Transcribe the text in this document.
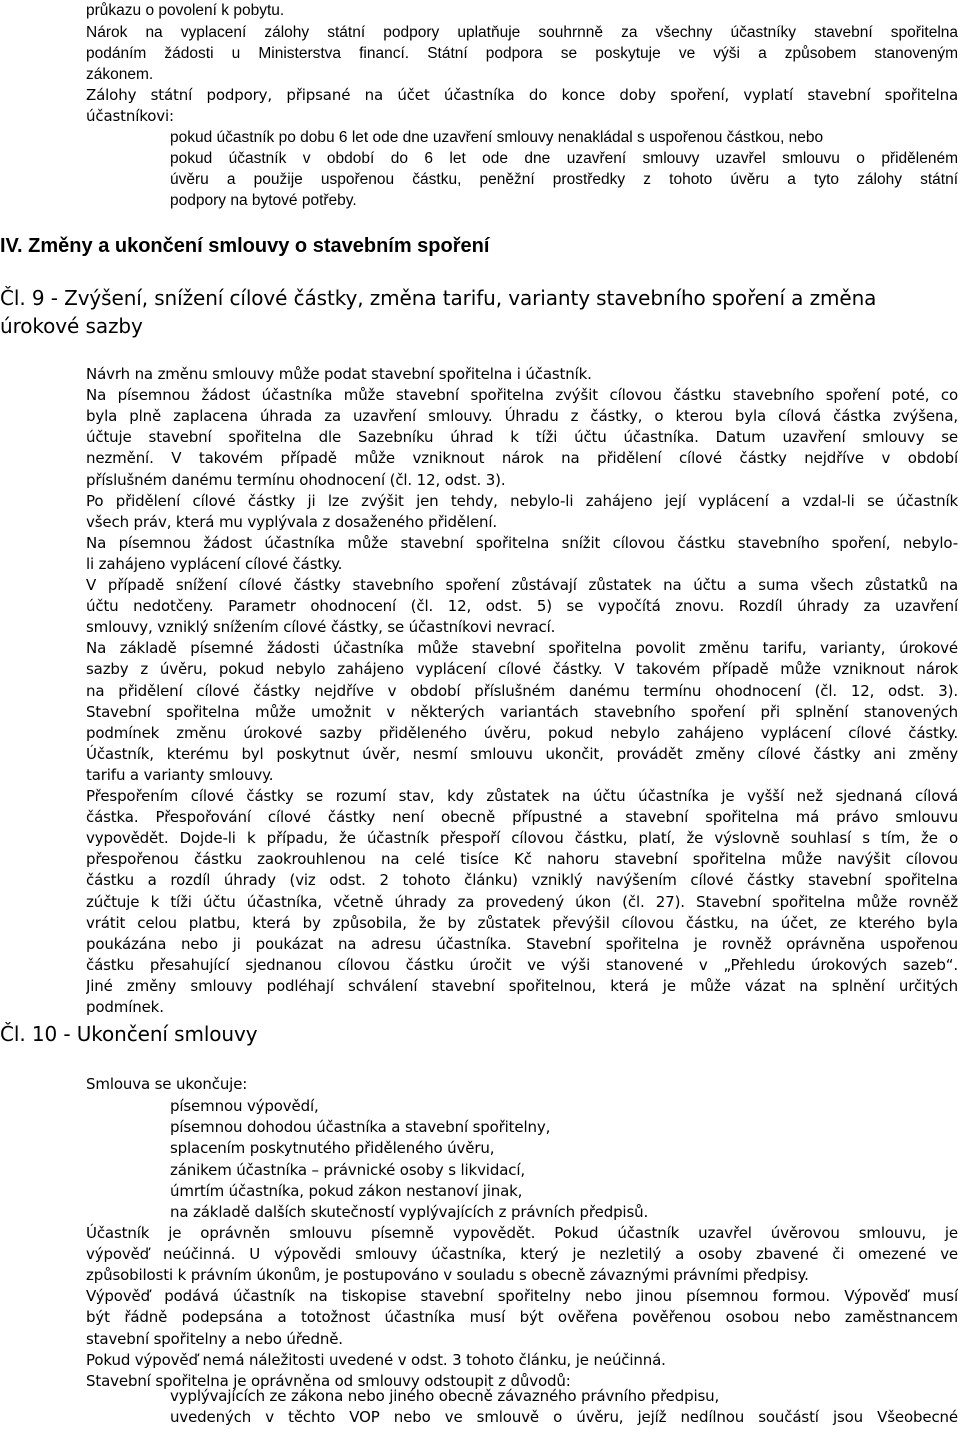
průkazu o povolení k pobytu.
Nárok na vyplacení zálohy státní podpory uplatňuje souhrnně za všechny účastníky stavební spořitelna
podáním žádosti u Ministerstva financí. Státní podpora se poskytuje ve výši a způsobem stanoveným
zákonem.
Zálohy státní podpory, připsané na účet účastníka do konce doby spoření, vyplatí stavební spořitelna
účastníkovi:
pokud účastník po dobu 6 let ode dne uzavření smlouvy nenakládal s uspořenou částkou, nebo
pokud účastník v období do 6 let ode dne uzavření smlouvy uzavřel smlouvu o přiděleném
úvěru a použije uspořenou částku, peněžní prostředky z tohoto úvěru a tyto zálohy státní
podpory na bytové potřeby.
IV. Změny a ukončení smlouvy o stavebním spoření
Čl. 9 - Zvýšení, snížení cílové částky, změna tarifu, varianty stavebního spoření a změna
úrokové sazby
Návrh na změnu smlouvy může podat stavební spořitelna i účastník.
Na písemnou žádost účastníka může stavební spořitelna zvýšit cílovou částku stavebního spoření poté, co
byla plně zaplacena úhrada za uzavření smlouvy. Úhradu z částky, o kterou byla cílová částka zvýšena,
účtuje stavební spořitelna dle Sazebníku úhrad k tíži účtu účastníka. Datum uzavření smlouvy se
nezmění. V takovém případě může vzniknout nárok na přidělení cílové částky nejdříve v období
příslušném danému termínu ohodnocení (čl. 12, odst. 3).
Po přidělení cílové částky ji lze zvýšit jen tehdy, nebylo-li zahájeno její vyplácení a vzdal-li se účastník
všech práv, která mu vyplývala z dosaženého přidělení.
Na písemnou žádost účastníka může stavební spořitelna snížit cílovou částku stavebního spoření, nebylo-
li zahájeno vyplácení cílové částky.
V případě snížení cílové částky stavebního spoření zůstávají zůstatek na účtu a suma všech zůstatků na
účtu nedotčeny. Parametr ohodnocení (čl. 12, odst. 5) se vypočítá znovu. Rozdíl úhrady za uzavření
smlouvy, vzniklý snížením cílové částky, se účastníkovi nevrací.
Na základě písemné žádosti účastníka může stavební spořitelna povolit změnu tarifu, varianty, úrokové
sazby z úvěru, pokud nebylo zahájeno vyplácení cílové částky. V takovém případě může vzniknout nárok
na přidělení cílové částky nejdříve v období příslušném danému termínu ohodnocení (čl. 12, odst. 3).
Stavební spořitelna může umožnit v některých variantách stavebního spoření při splnění stanovených
podmínek změnu úrokové sazby přiděleného úvěru, pokud nebylo zahájeno vyplácení cílové částky.
Účastník, kterému byl poskytnut úvěr, nesmí smlouvu ukončit, provádět změny cílové částky ani změny
tarifu a varianty smlouvy.
Přespořením cílové částky se rozumí stav, kdy zůstatek na účtu účastníka je vyšší než sjednaná cílová
částka. Přespořování cílové částky není obecně přípustné a stavební spořitelna má právo smlouvu
vypovědět. Dojde-li k případu, že účastník přespoří cílovou částku, platí, že výslovně souhlasí s tím, že o
přespořenou částku zaokrouhlenou na celé tisíce Kč nahoru stavební spořitelna může navýšit cílovou
částku a rozdíl úhrady (viz odst. 2 tohoto článku) vzniklý navýšením cílové částky stavební spořitelna
zúčtuje k tíži účtu účastníka, včetně úhrady za provedený úkon (čl. 27). Stavební spořitelna může rovněž
vrátit celou platbu, která by způsobila, že by zůstatek převýšil cílovou částku, na účet, ze kterého byla
poukázána nebo ji poukázat na adresu účastníka. Stavební spořitelna je rovněž oprávněna uspořenou
částku přesahující sjednanou cílovou částku úročit ve výši stanovené v „Přehledu úrokových sazeb“.
Jiné změny smlouvy podléhají schválení stavební spořitelnou, která je může vázat na splnění určitých
podmínek.
Čl. 10 - Ukončení smlouvy
Smlouva se ukončuje:
písemnou výpovědí,
písemnou dohodou účastníka a stavební spořitelny,
splacením poskytnutého přiděleného úvěru,
zánikem účastníka – právnické osoby s likvidací,
úmrtím účastníka, pokud zákon nestanoví jinak,
na základě dalších skutečností vyplývajících z právních předpisů.
Účastník je oprávněn smlouvu písemně vypovědět. Pokud účastník uzavřel úvěrovou smlouvu, je
výpověď neúčinná. U výpovědi smlouvy účastníka, který je nezletilý a osoby zbavené či omezené ve
způsobilosti k právním úkonům, je postupováno v souladu s obecně závaznými právními předpisy.
Výpověď podává účastník na tiskopise stavební spořitelny nebo jinou písemnou formou. Výpověď musí
být řádně podepsána a totožnost účastníka musí být ověřena pověřenou osobou nebo zaměstnancem
stavební spořitelny a nebo úředně.
Pokud výpověď nemá náležitosti uvedené v odst. 3 tohoto článku, je neúčinná.
Stavební spořitelna je oprávněna od smlouvy odstoupit z důvodů:
vyplývajících ze zákona nebo jiného obecně závazného právního předpisu,
uvedených v těchto VOP nebo ve smlouvě o úvěru, jejíž nedílnou součástí jsou Všeobecné
